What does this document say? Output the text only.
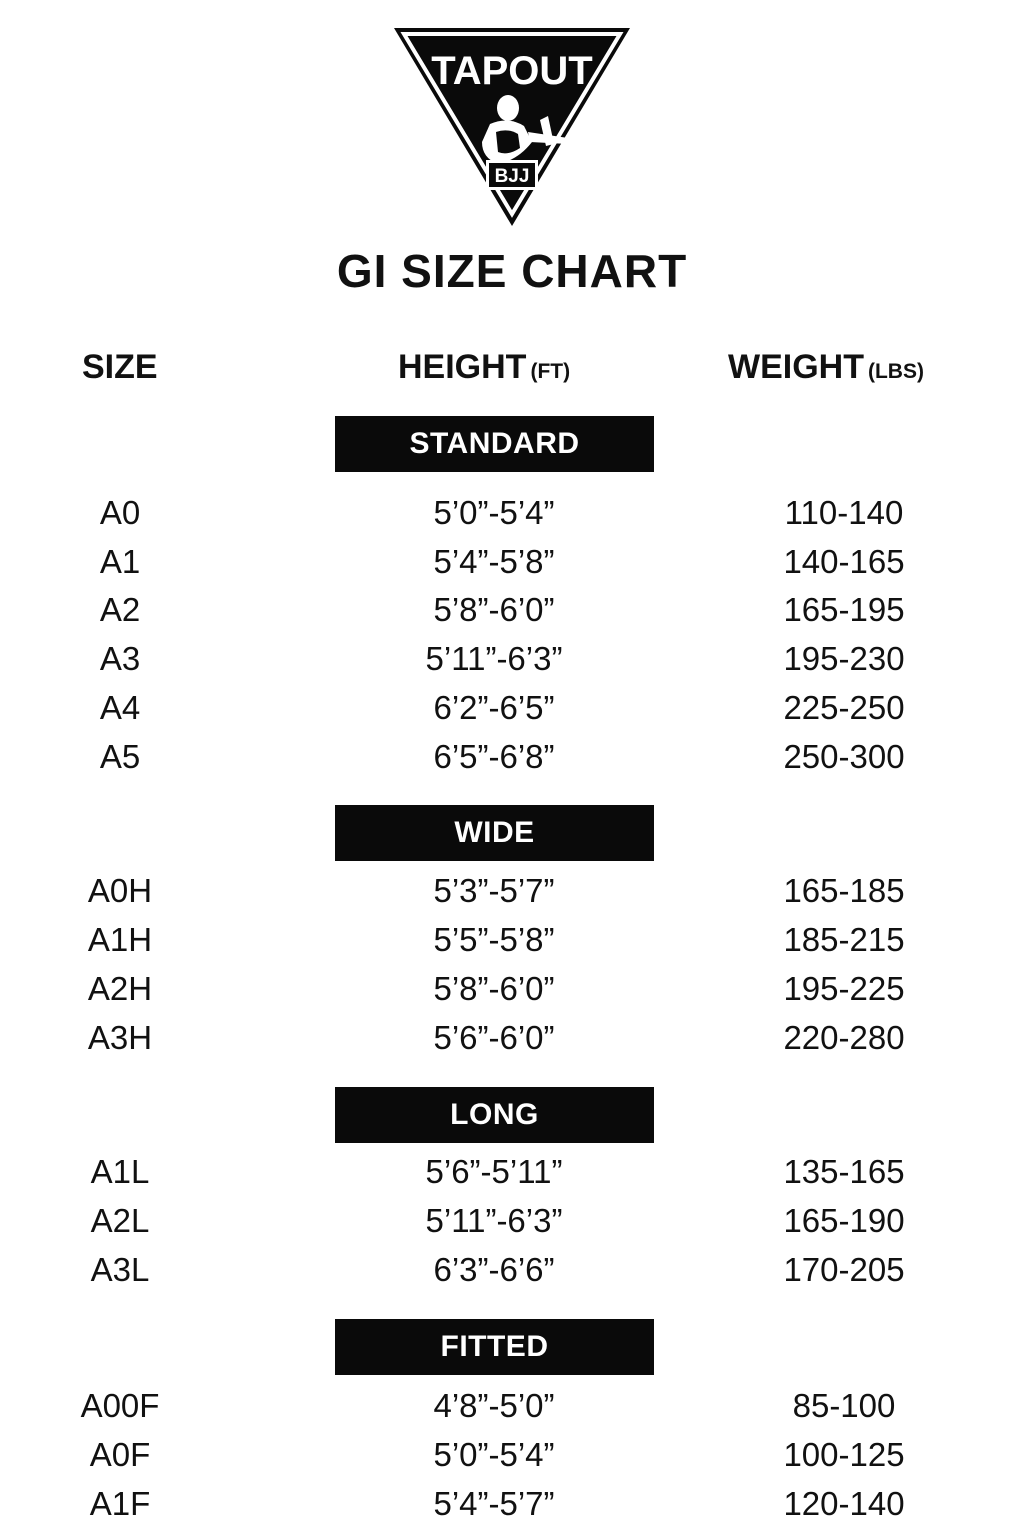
TAPOUT
BJJ
GI SIZE CHART
SIZE	HEIGHT (FT)	WEIGHT (LBS)
STANDARD
A0	5’0”-5’4”	110-140
A1	5’4”-5’8”	140-165
A2	5’8”-6’0”	165-195
A3	5’11”-6’3”	195-230
A4	6’2”-6’5”	225-250
A5	6’5”-6’8”	250-300
WIDE
A0H	5’3”-5’7”	165-185
A1H	5’5”-5’8”	185-215
A2H	5’8”-6’0”	195-225
A3H	5’6”-6’0”	220-280
LONG
A1L	5’6”-5’11”	135-165
A2L	5’11”-6’3”	165-190
A3L	6’3”-6’6”	170-205
FITTED
A00F	4’8”-5’0”	85-100
A0F	5’0”-5’4”	100-125
A1F	5’4”-5’7”	120-140
